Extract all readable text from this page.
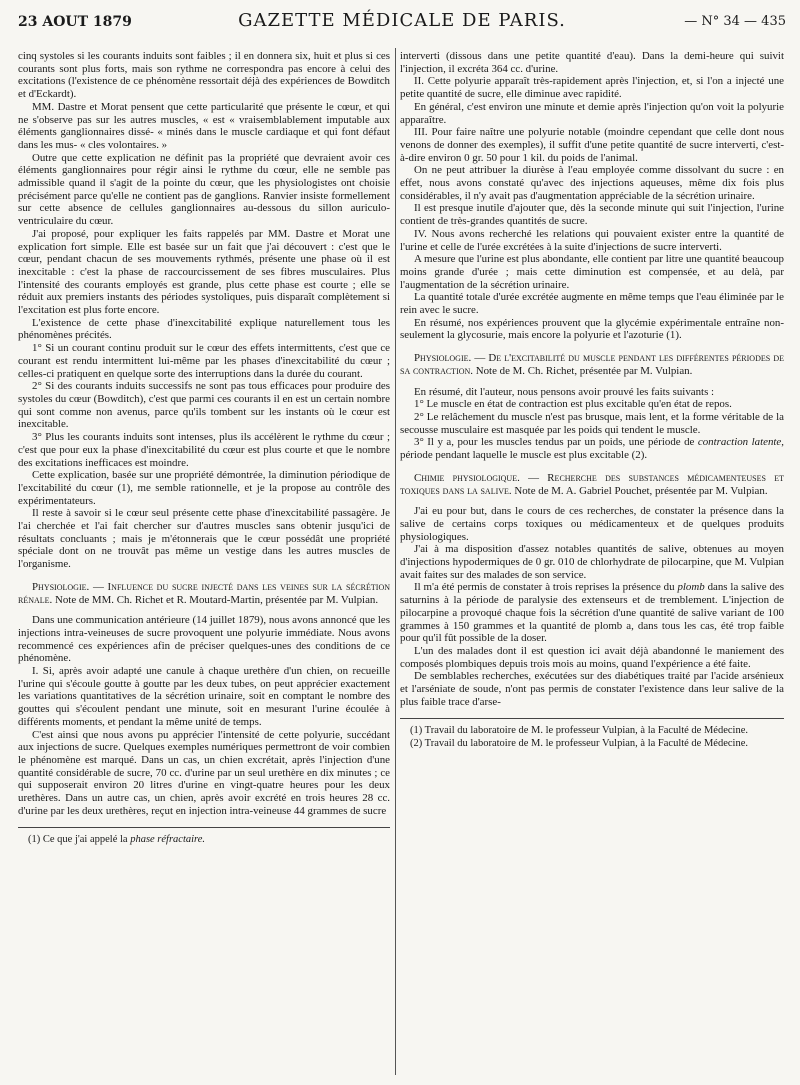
23 AOUT 1879	GAZETTE MÉDICALE DE PARIS.	— N° 34 — 435

cinq systoles si les courants induits sont faibles ; il en donnera six, huit et plus si ces courants sont plus forts, mais son rythme ne correspondra pas encore à celui des excitations (l'existence de ce phénomène ressortait déjà des expériences de Bowditch et d'Eckardt).

MM. Dastre et Morat pensent que cette particularité que présente le cœur, et qui ne s'observe pas sur les autres muscles, « est « vraisemblablement imputable aux éléments ganglionnaires dissé- « minés dans le muscle cardiaque et qui font défaut dans les mus- « cles volontaires. »

Outre que cette explication ne définit pas la propriété que devraient avoir ces éléments ganglionnaires pour régir ainsi le rythme du cœur, elle ne semble pas admissible quand il s'agit de la pointe du cœur, que les physiologistes ont choisie précisément parce qu'elle ne contient pas de ganglions. Ranvier insiste formellement sur cette absence de cellules ganglionnaires au-dessous du sillon auriculo-ventriculaire du cœur.

J'ai proposé, pour expliquer les faits rappelés par MM. Dastre et Morat une explication fort simple. Elle est basée sur un fait que j'ai découvert : c'est que le cœur, pendant chacun de ses mouvements rythmés, présente une phase où il est inexcitable : c'est la phase de raccourcissement de ses fibres musculaires. Plus l'intensité des courants employés est grande, plus cette phase est courte ; elle se réduit aux premiers instants des périodes systoliques, puis disparaît complètement si l'excitation est plus forte encore.

L'existence de cette phase d'inexcitabilité explique naturellement tous les phénomènes précités.

1° Si un courant continu produit sur le cœur des effets intermittents, c'est que ce courant est rendu intermittent lui-même par les phases d'inexcitabilité du cœur ; celles-ci pratiquent en quelque sorte des interruptions dans la durée du courant.

2° Si des courants induits successifs ne sont pas tous efficaces pour produire des systoles du cœur (Bowditch), c'est que parmi ces courants il en est un certain nombre qui sont comme non avenus, parce qu'ils tombent sur les instants où le cœur est inexcitable.

3° Plus les courants induits sont intenses, plus ils accélèrent le rythme du cœur ; c'est que pour eux la phase d'inexcitabilité du cœur est plus courte et que le nombre des excitations inefficaces est moindre.

Cette explication, basée sur une propriété démontrée, la diminution périodique de l'excitabilité du cœur (1), me semble rationnelle, et je la propose au contrôle des expérimentateurs.

Il reste à savoir si le cœur seul présente cette phase d'inexcitabilité passagère. Je l'ai cherchée et l'ai fait chercher sur d'autres muscles sans obtenir jusqu'ici de résultats concluants ; mais je m'étonnerais que le cœur possédât une propriété spéciale dont on ne trouvât pas même un vestige dans les autres muscles de l'organisme.

Physiologie. — Influence du sucre injecté dans les veines sur la sécrétion rénale. Note de MM. Ch. Richet et R. Moutard-Martin, présentée par M. Vulpian.

Dans une communication antérieure (14 juillet 1879), nous avons annoncé que les injections intra-veineuses de sucre provoquent une polyurie immédiate. Nous avons recommencé ces expériences afin de préciser quelques-unes des conditions de ce phénomène.

I. Si, après avoir adapté une canule à chaque urethère d'un chien, on recueille l'urine qui s'écoule goutte à goutte par les deux tubes, on peut apprécier exactement les variations quantitatives de la sécrétion urinaire, soit en comptant le nombre des gouttes qui s'écoulent pendant une minute, soit en mesurant l'urine écoulée à différents moments, et pendant la même unité de temps.

C'est ainsi que nous avons pu apprécier l'intensité de cette polyurie, succédant aux injections de sucre. Quelques exemples numériques permettront de voir combien le phénomène est marqué. Dans un cas, un chien excrétait, après l'injection d'une quantité considérable de sucre, 70 cc. d'urine par un seul urethère en dix minutes ; ce qui supposerait environ 20 litres d'urine en vingt-quatre heures pour les deux urethères. Dans un autre cas, un chien, après avoir excrété en trois heures 28 cc. d'urine par les deux urethères, reçut en injection intra-veineuse 44 grammes de sucre

(1) Ce que j'ai appelé la phase réfractaire.

interverti (dissous dans une petite quantité d'eau). Dans la demi-heure qui suivit l'injection, il excréta 364 cc. d'urine.

II. Cette polyurie apparaît très-rapidement après l'injection, et, si l'on a injecté une petite quantité de sucre, elle diminue avec rapidité.

En général, c'est environ une minute et demie après l'injection qu'on voit la polyurie apparaître.

III. Pour faire naître une polyurie notable (moindre cependant que celle dont nous venons de donner des exemples), il suffit d'une petite quantité de sucre interverti, c'est-à-dire environ 0 gr. 50 pour 1 kil. du poids de l'animal.

On ne peut attribuer la diurèse à l'eau employée comme dissolvant du sucre : en effet, nous avons constaté qu'avec des injections aqueuses, même dix fois plus considérables, il n'y avait pas d'augmentation appréciable de la sécrétion urinaire.

Il est presque inutile d'ajouter que, dès la seconde minute qui suit l'injection, l'urine contient de très-grandes quantités de sucre.

IV. Nous avons recherché les relations qui pouvaient exister entre la quantité de l'urine et celle de l'urée excrétées à la suite d'injections de sucre interverti.

A mesure que l'urine est plus abondante, elle contient par litre une quantité beaucoup moins grande d'urée ; mais cette diminution est compensée, et au delà, par l'augmentation de la sécrétion urinaire.

La quantité totale d'urée excrétée augmente en même temps que l'eau éliminée par le rein avec le sucre.

En résumé, nos expériences prouvent que la glycémie expérimentale entraîne non-seulement la glycosurie, mais encore la polyurie et l'azoturie (1).

Physiologie. — De l'excitabilité du muscle pendant les différentes périodes de sa contraction. Note de M. Ch. Richet, présentée par M. Vulpian.

En résumé, dit l'auteur, nous pensons avoir prouvé les faits suivants :

1° Le muscle en état de contraction est plus excitable qu'en état de repos.

2° Le relâchement du muscle n'est pas brusque, mais lent, et la forme véritable de la secousse musculaire est masquée par les poids qui tendent le muscle.

3° Il y a, pour les muscles tendus par un poids, une période de contraction latente, période pendant laquelle le muscle est plus excitable (2).

Chimie physiologique. — Recherche des substances médicamenteuses et toxiques dans la salive. Note de M. A. Gabriel Pouchet, présentée par M. Vulpian.

J'ai eu pour but, dans le cours de ces recherches, de constater la présence dans la salive de certains corps toxiques ou médicamenteux et de quelques produits physiologiques.

J'ai à ma disposition d'assez notables quantités de salive, obtenues au moyen d'injections hypodermiques de 0 gr. 010 de chlorhydrate de pilocarpine, que M. Vulpian avait faites sur des malades de son service.

Il m'a été permis de constater à trois reprises la présence du plomb dans la salive des saturnins à la période de paralysie des extenseurs et de tremblement. L'injection de pilocarpine a provoqué chaque fois la sécrétion d'une quantité de salive variant de 100 grammes à 150 grammes et la quantité de plomb a, dans tous les cas, été trop faible pour qu'il fût possible de la doser.

L'un des malades dont il est question ici avait déjà abandonné le maniement des composés plombiques depuis trois mois au moins, quand l'expérience a été faite.

De semblables recherches, exécutées sur des diabétiques traité par l'acide arsénieux et l'arséniate de soude, n'ont pas permis de constater l'existence dans leur salive de la plus faible trace d'arse-

(1) Travail du laboratoire de M. le professeur Vulpian, à la Faculté de Médecine.

(2) Travail du laboratoire de M. le professeur Vulpian, à la Faculté de Médecine.
